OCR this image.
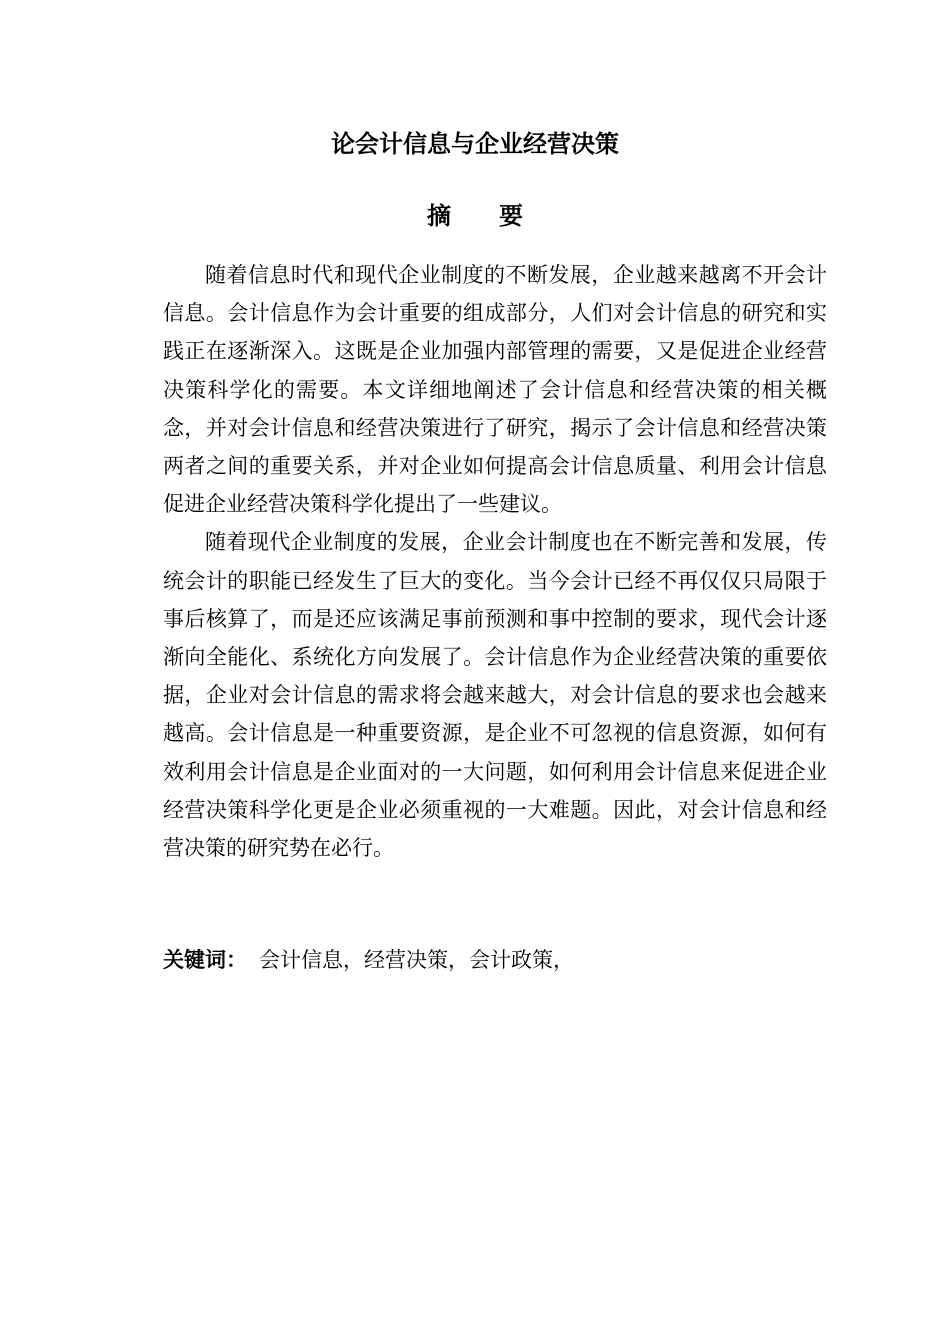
论会计信息与企业经营决策
摘 要

随着信息时代和现代企业制度的不断发展，企业越来越离不开会计信息。会计信息作为会计重要的组成部分，人们对会计信息的研究和实践正在逐渐深入。这既是企业加强内部管理的需要，又是促进企业经营决策科学化的需要。本文详细地阐述了会计信息和经营决策的相关概念，并对会计信息和经营决策进行了研究，揭示了会计信息和经营决策两者之间的重要关系，并对企业如何提高会计信息质量、利用会计信息促进企业经营决策科学化提出了一些建议。

随着现代企业制度的发展，企业会计制度也在不断完善和发展，传统会计的职能已经发生了巨大的变化。当今会计已经不再仅仅只局限于事后核算了，而是还应该满足事前预测和事中控制的要求，现代会计逐渐向全能化、系统化方向发展了。会计信息作为企业经营决策的重要依据，企业对会计信息的需求将会越来越大，对会计信息的要求也会越来越高。会计信息是一种重要资源，是企业不可忽视的信息资源，如何有效利用会计信息是企业面对的一大问题，如何利用会计信息来促进企业经营决策科学化更是企业必须重视的一大难题。因此，对会计信息和经营决策的研究势在必行。

关键词： 会计信息，经营决策，会计政策，
